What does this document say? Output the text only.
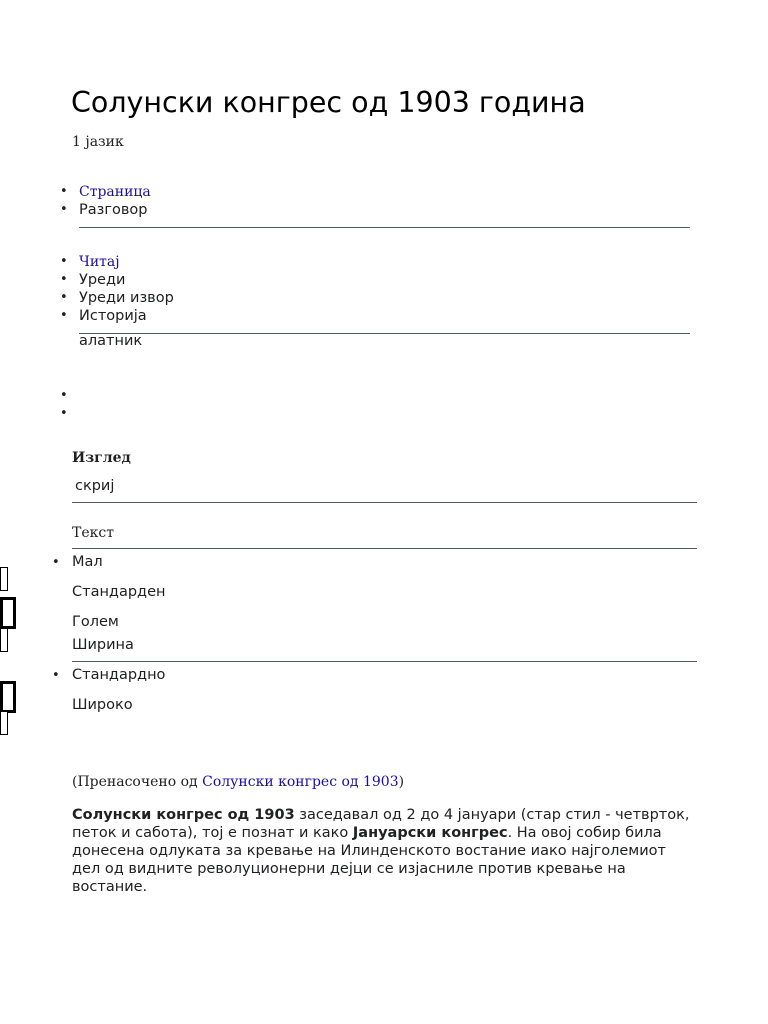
Солунски конгрес од 1903 година
1 јазик
• Страница
• Разговор
• Читај
• Уреди
• Уреди извор
• Историја
алатник
•
•
Изглед
скриј
Текст
• Мал
Стандарден
Голем
Ширина
• Стандардно
Широко
(Пренасочено од Солунски конгрес од 1903)

Солунски конгрес од 1903 заседавал од 2 до 4 јануари (стар стил - четврток, петок и сабота), тој е познат и како Јануарски конгрес. На овој собир била донесена одлуката за кревање на Илинденското востание иако најголемиот дел од видните револуционерни дејци се изјасниле против кревање на востание.
